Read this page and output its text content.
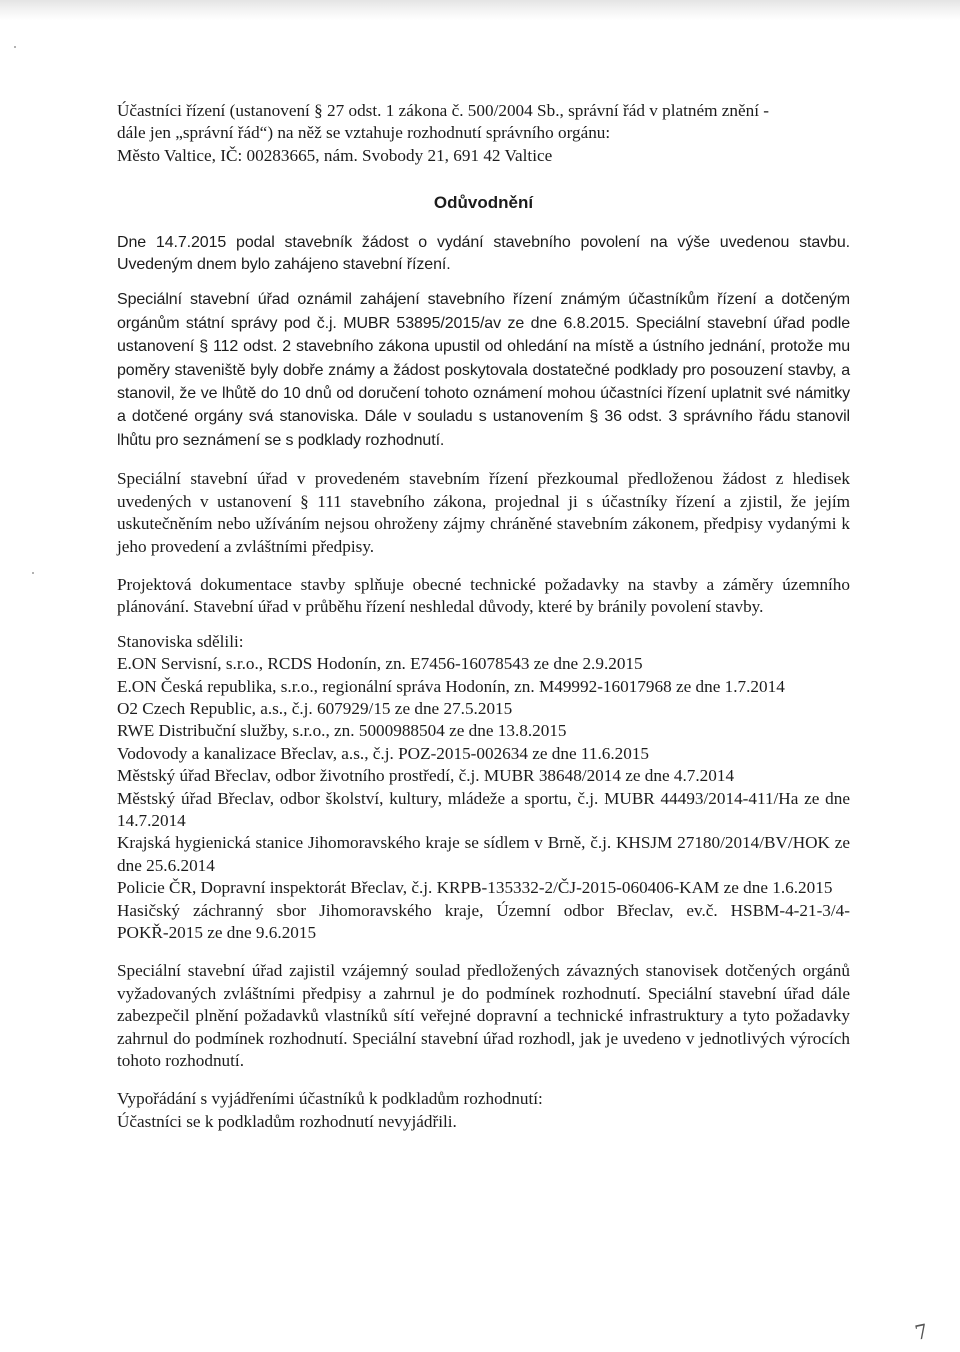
Účastníci řízení (ustanovení § 27 odst. 1 zákona č. 500/2004 Sb., správní řád v platném znění -

dále jen „správní řád“) na něž se vztahuje rozhodnutí správního orgánu:

Město Valtice, IČ: 00283665, nám. Svobody 21, 691 42 Valtice

Odůvodnění

Dne 14.7.2015 podal stavebník žádost o vydání stavebního povolení na výše uvedenou stavbu. Uvedeným dnem bylo zahájeno stavební řízení.

Speciální stavební úřad oznámil zahájení stavebního řízení známým účastníkům řízení a dotčeným orgánům státní správy pod č.j. MUBR 53895/2015/av ze dne 6.8.2015. Speciální stavební úřad podle ustanovení § 112 odst. 2 stavebního zákona upustil od ohledání na místě a ústního jednání, protože mu poměry staveniště byly dobře známy a žádost poskytovala dostatečné podklady pro posouzení stavby, a stanovil, že ve lhůtě do 10 dnů od doručení tohoto oznámení mohou účastníci řízení uplatnit své námitky a dotčené orgány svá stanoviska. Dále v souladu s ustanovením § 36 odst. 3 správního řádu stanovil lhůtu pro seznámení se s podklady rozhodnutí.

Speciální stavební úřad v provedeném stavebním řízení přezkoumal předloženou žádost z hledisek uvedených v ustanovení § 111 stavebního zákona, projednal ji s účastníky řízení a zjistil, že jejím uskutečněním nebo užíváním nejsou ohroženy zájmy chráněné stavebním zákonem, předpisy vydanými k jeho provedení a zvláštními předpisy.

Projektová dokumentace stavby splňuje obecné technické požadavky na stavby a záměry územního plánování. Stavební úřad v průběhu řízení neshledal důvody, které by bránily povolení stavby.

Stanoviska sdělili:

E.ON Servisní, s.r.o., RCDS Hodonín, zn. E7456-16078543 ze dne 2.9.2015

E.ON Česká republika, s.r.o., regionální správa Hodonín, zn. M49992-16017968 ze dne 1.7.2014

O2 Czech Republic, a.s., č.j. 607929/15 ze dne 27.5.2015

RWE Distribuční služby, s.r.o., zn. 5000988504 ze dne 13.8.2015

Vodovody a kanalizace Břeclav, a.s., č.j. POZ-2015-002634 ze dne 11.6.2015

Městský úřad Břeclav, odbor životního prostředí, č.j. MUBR 38648/2014 ze dne 4.7.2014

Městský úřad Břeclav, odbor školství, kultury, mládeže a sportu, č.j. MUBR 44493/2014-411/Ha ze dne 14.7.2014

Krajská hygienická stanice Jihomoravského kraje se sídlem v Brně, č.j. KHSJM 27180/2014/BV/HOK ze dne 25.6.2014

Policie ČR, Dopravní inspektorát Břeclav, č.j. KRPB-135332-2/ČJ-2015-060406-KAM ze dne 1.6.2015

Hasičský záchranný sbor Jihomoravského kraje, Územní odbor Břeclav, ev.č. HSBM-4-21-3/4-POKŘ-2015 ze dne 9.6.2015

Speciální stavební úřad zajistil vzájemný soulad předložených závazných stanovisek dotčených orgánů vyžadovaných zvláštními předpisy a zahrnul je do podmínek rozhodnutí. Speciální stavební úřad dále zabezpečil plnění požadavků vlastníků sítí veřejné dopravní a technické infrastruktury a tyto požadavky zahrnul do podmínek rozhodnutí. Speciální stavební úřad rozhodl, jak je uvedeno v jednotlivých výrocích tohoto rozhodnutí.

Vypořádání s vyjádřeními účastníků k podkladům rozhodnutí:

Účastníci se k podkladům rozhodnutí nevyjádřili.

7
